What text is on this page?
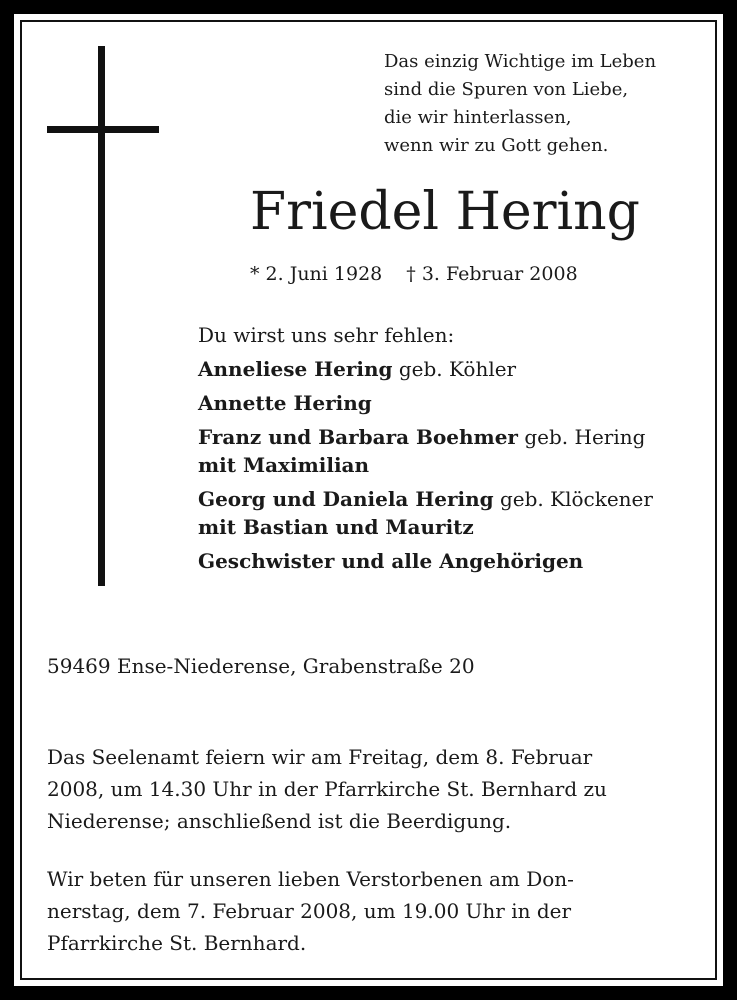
Das einzig Wichtige im Leben
sind die Spuren von Liebe,
die wir hinterlassen,
wenn wir zu Gott gehen.
Friedel Hering
* 2. Juni 1928 † 3. Februar 2008
Du wirst uns sehr fehlen:
Anneliese Hering geb. Köhler
Annette Hering
Franz und Barbara Boehmer geb. Hering
mit Maximilian
Georg und Daniela Hering geb. Klöckener
mit Bastian und Mauritz
Geschwister und alle Angehörigen
59469 Ense-Niederense, Grabenstraße 20
Das Seelenamt feiern wir am Freitag, dem 8. Februar
2008, um 14.30 Uhr in der Pfarrkirche St. Bernhard zu
Niederense; anschließend ist die Beerdigung.
Wir beten für unseren lieben Verstorbenen am Don-
nerstag, dem 7. Februar 2008, um 19.00 Uhr in der
Pfarrkirche St. Bernhard.
